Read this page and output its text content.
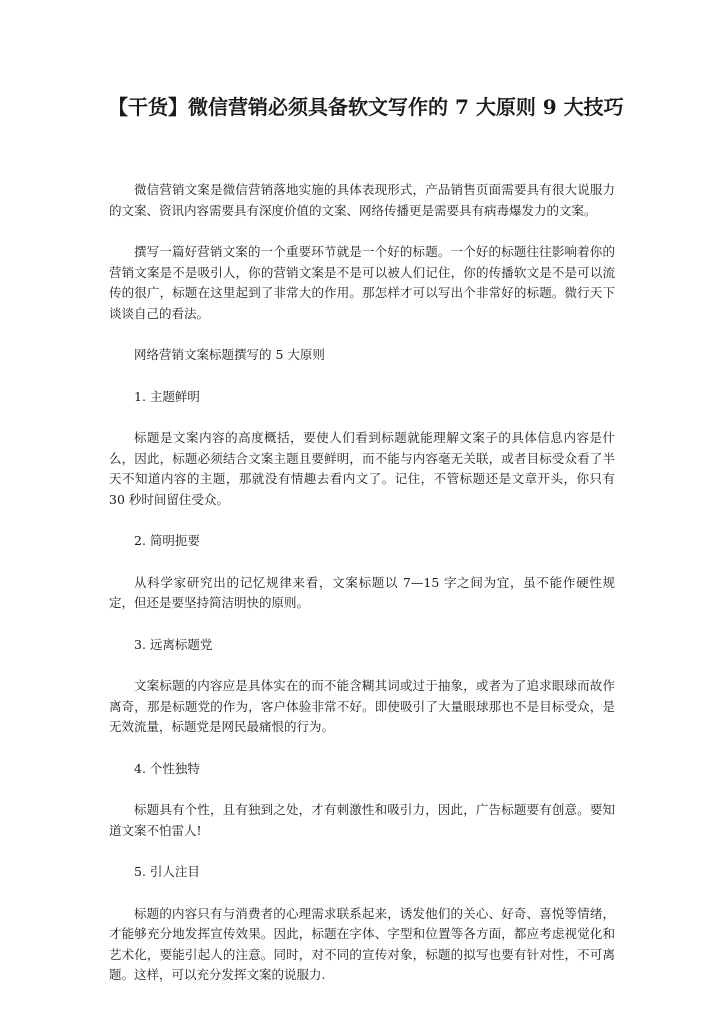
【干货】微信营销必须具备软文写作的 7 大原则 9 大技巧

微信营销文案是微信营销落地实施的具体表现形式，产品销售页面需要具有很大说服力的文案、资讯内容需要具有深度价值的文案、网络传播更是需要具有病毒爆发力的文案。

撰写一篇好营销文案的一个重要环节就是一个好的标题。一个好的标题往往影响着你的营销文案是不是吸引人，你的营销文案是不是可以被人们记住，你的传播软文是不是可以流传的很广，标题在这里起到了非常大的作用。那怎样才可以写出个非常好的标题。微行天下谈谈自己的看法。

网络营销文案标题撰写的 5 大原则

1. 主题鲜明

标题是文案内容的高度概括，要使人们看到标题就能理解文案子的具体信息内容是什么，因此，标题必须结合文案主题且要鲜明，而不能与内容毫无关联，或者目标受众看了半天不知道内容的主题，那就没有情趣去看内文了。记住，不管标题还是文章开头，你只有 30 秒时间留住受众。

2. 简明扼要

从科学家研究出的记忆规律来看，文案标题以 7—15 字之间为宜，虽不能作硬性规定，但还是要坚持简洁明快的原则。

3. 远离标题党

文案标题的内容应是具体实在的而不能含糊其词或过于抽象，或者为了追求眼球而故作离奇，那是标题党的作为，客户体验非常不好。即使吸引了大量眼球那也不是目标受众，是无效流量，标题党是网民最痛恨的行为。

4. 个性独特

标题具有个性，且有独到之处，才有刺激性和吸引力，因此，广告标题要有创意。要知道文案不怕雷人!

5. 引人注目

标题的内容只有与消费者的心理需求联系起来，诱发他们的关心、好奇、喜悦等情绪，才能够充分地发挥宣传效果。因此，标题在字体、字型和位置等各方面，都应考虑视觉化和艺术化，要能引起人的注意。同时，对不同的宣传对象，标题的拟写也要有针对性，不可离题。这样，可以充分发挥文案的说服力.
